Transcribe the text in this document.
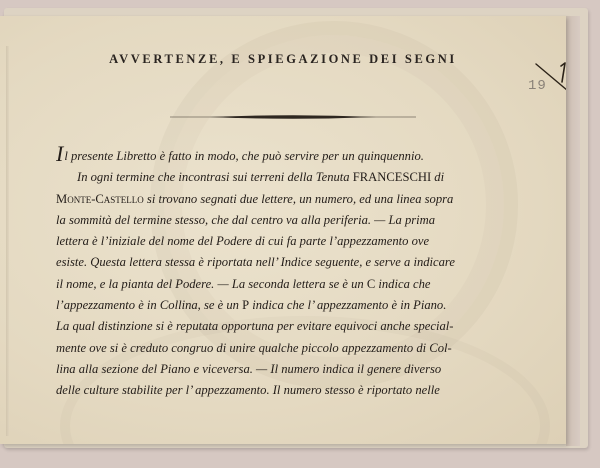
AVVERTENZE, E SPIEGAZIONE DEI SEGNI
19
Il presente Libretto è fatto in modo, che può servire per un quinquennio.
In ogni termine che incontrasi sui terreni della Tenuta FRANCESCHI di
Monte-Castello si trovano segnati due lettere, un numero, ed una linea sopra
la sommità del termine stesso, che dal centro va alla periferia. — La prima
lettera è l’iniziale del nome del Podere di cui fa parte l’appezzamento ove
esiste. Questa lettera stessa è riportata nell’ Indice seguente, e serve a indicare
il nome, e la pianta del Podere. — La seconda lettera se è un C indica che
l’appezzamento è in Collina, se è un P indica che l’ appezzamento è in Piano.
La qual distinzione si è reputata opportuna per evitare equivoci anche special-
mente ove si è creduto congruo di unire qualche piccolo appezzamento di Col-
lina alla sezione del Piano e viceversa. — Il numero indica il genere diverso
delle culture stabilite per l’ appezzamento. Il numero stesso è riportato nelle
